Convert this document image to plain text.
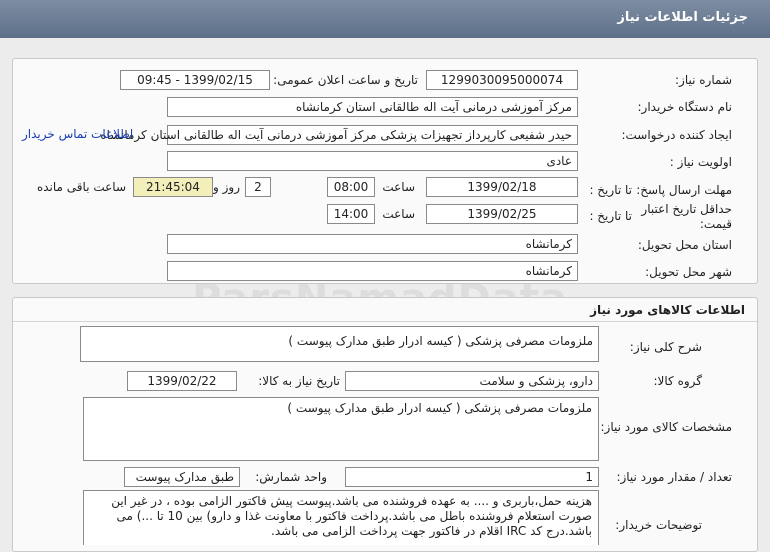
جزئیات اطلاعات نیاز
شماره نیاز:
1299030095000074
تاریخ و ساعت اعلان عمومی:
1399/02/15 - 09:45
نام دستگاه خریدار:
مرکز آموزشی درمانی آیت اله طالقانی استان کرمانشاه
ایجاد کننده درخواست:
حیدر شفیعی کارپرداز تجهیزات پزشکی مرکز آموزشی درمانی آیت اله طالقانی استان کرمانشاه
اطلاعات تماس خریدار
اولویت نیاز :
عادی
مهلت ارسال پاسخ:
تا تاریخ :
1399/02/18
ساعت
08:00
2
روز و
21:45:04
ساعت باقی مانده
حداقل تاریخ اعتبار قیمت:
تا تاریخ :
1399/02/25
ساعت
14:00
استان محل تحویل:
کرمانشاه
شهر محل تحویل:
کرمانشاه
اطلاعات کالاهای مورد نیاز
شرح کلی نیاز:
ملزومات مصرفی پزشکی ( کیسه ادرار طبق مدارک پیوست )
گروه کالا:
دارو، پزشکی و سلامت
تاریخ نیاز به کالا:
1399/02/22
مشخصات کالای مورد نیاز:
ملزومات مصرفی پزشکی ( کیسه ادرار طبق مدارک پیوست )
تعداد / مقدار مورد نیاز:
1
واحد شمارش:
طبق مدارک پیوست
توضیحات خریدار:
هزینه حمل،باربری و .... به عهده فروشنده می باشد.پیوست پیش فاکتور الزامی بوده ، در غیر این صورت استعلام فروشنده باطل می باشد.پرداخت فاکتور با معاونت غذا و دارو) بین 10 تا ...) می باشد.درج کد IRC اقلام در فاکتور جهت پرداخت الزامی می باشد.
